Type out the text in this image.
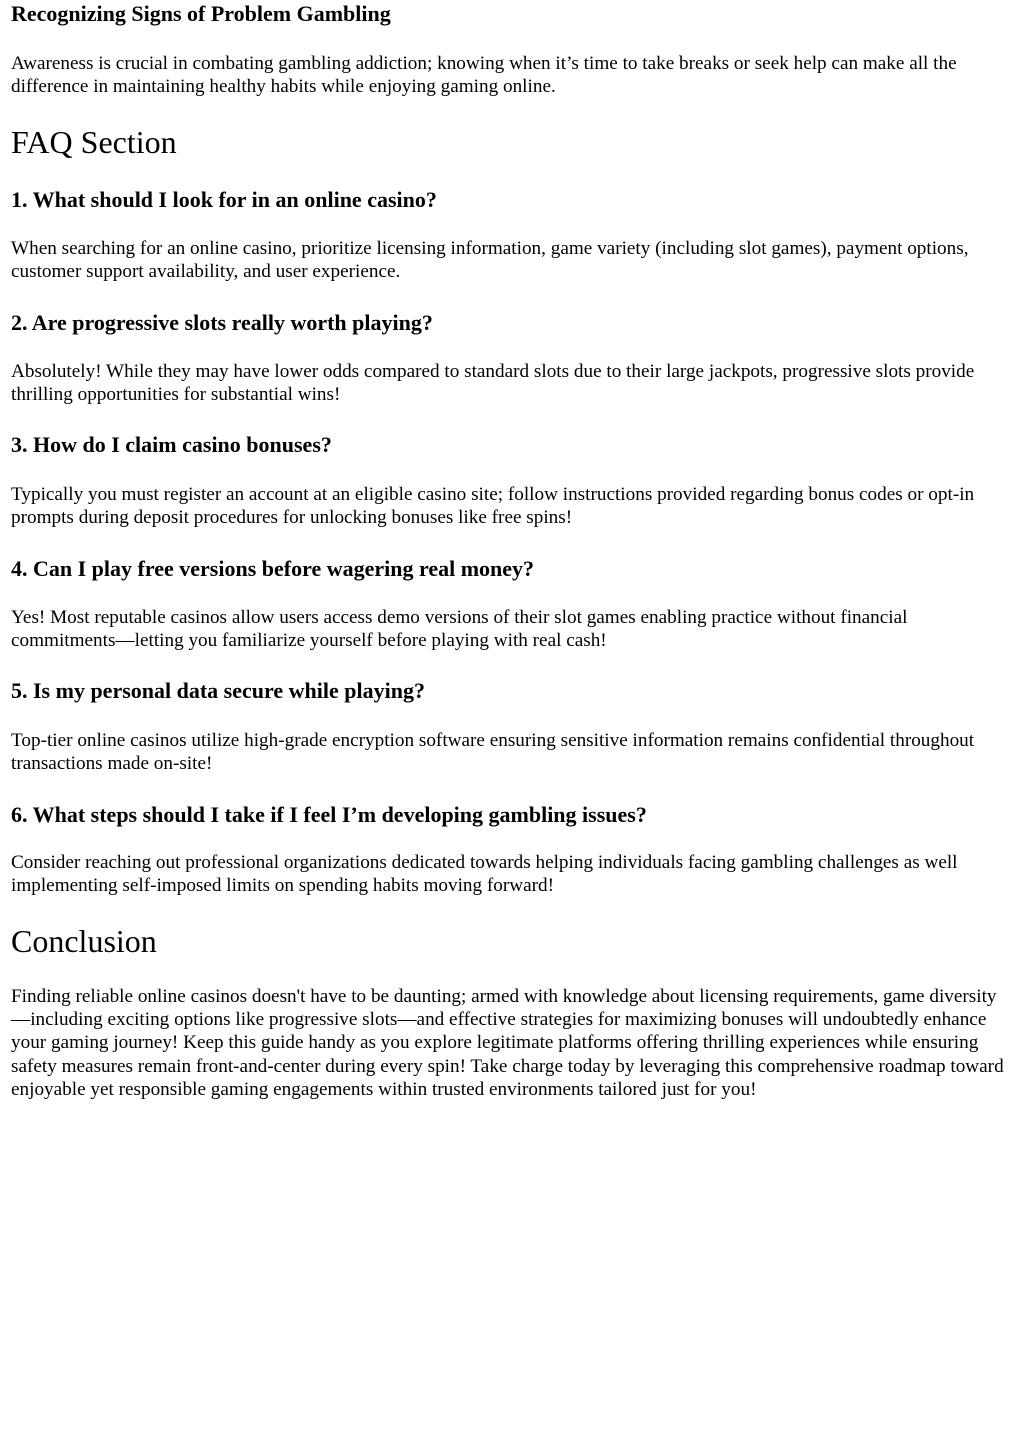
Recognizing Signs of Problem Gambling

Awareness is crucial in combating gambling addiction; knowing when it’s time to take breaks or seek help can make all the difference in maintaining healthy habits while enjoying gaming online.

FAQ Section
1. What should I look for in an online casino?

When searching for an online casino, prioritize licensing information, game variety (including slot games), payment options, customer support availability, and user experience.

2. Are progressive slots really worth playing?

Absolutely! While they may have lower odds compared to standard slots due to their large jackpots, progressive slots provide thrilling opportunities for substantial wins!

3. How do I claim casino bonuses?

Typically you must register an account at an eligible casino site; follow instructions provided regarding bonus codes or opt-in prompts during deposit procedures for unlocking bonuses like free spins!

4. Can I play free versions before wagering real money?

Yes! Most reputable casinos allow users access demo versions of their slot games enabling practice without financial commitments—letting you familiarize yourself before playing with real cash!

5. Is my personal data secure while playing?

Top-tier online casinos utilize high-grade encryption software ensuring sensitive information remains confidential throughout transactions made on-site!

6. What steps should I take if I feel I’m developing gambling issues?

Consider reaching out professional organizations dedicated towards helping individuals facing gambling challenges as well implementing self-imposed limits on spending habits moving forward!

Conclusion

Finding reliable online casinos doesn't have to be daunting; armed with knowledge about licensing requirements, game diversity—including exciting options like progressive slots—and effective strategies for maximizing bonuses will undoubtedly enhance your gaming journey! Keep this guide handy as you explore legitimate platforms offering thrilling experiences while ensuring safety measures remain front-and-center during every spin! Take charge today by leveraging this comprehensive roadmap toward enjoyable yet responsible gaming engagements within trusted environments tailored just for you!
